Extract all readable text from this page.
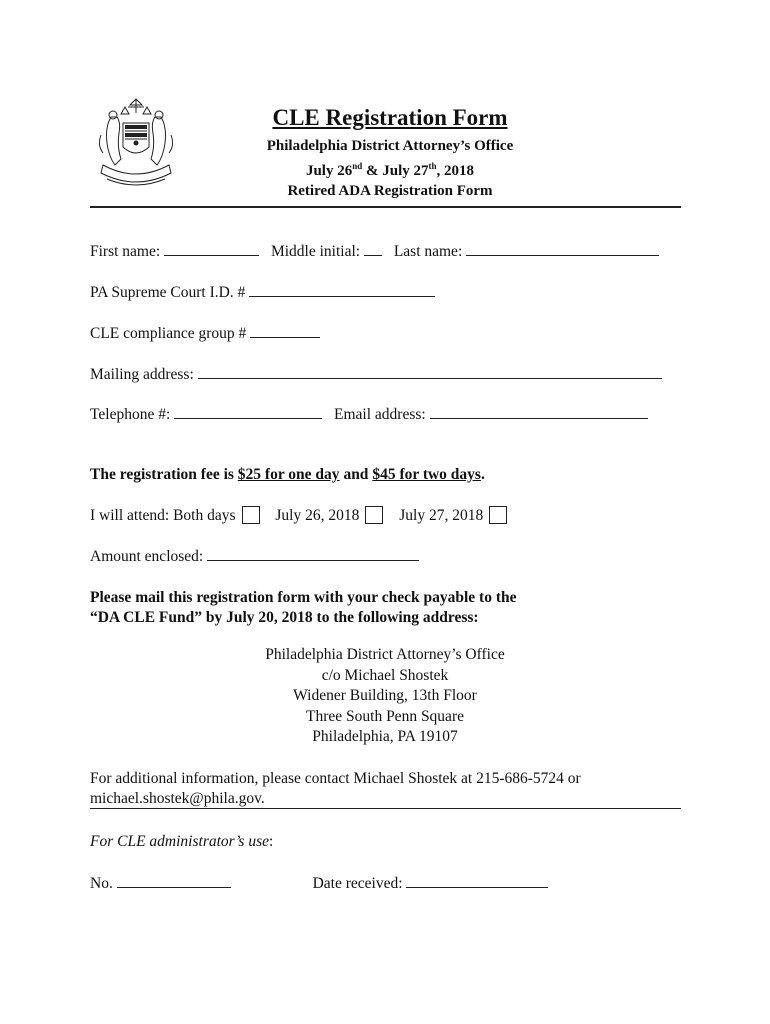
CLE Registration Form
Philadelphia District Attorney’s Office
July 26nd & July 27th, 2018
Retired ADA Registration Form
First name:	Middle initial: Last name:
PA Supreme Court I.D. #
CLE compliance group #
Mailing address:
Telephone #:	Email address:
The registration fee is $25 for one day and $45 for two days.
I will attend: Both days	July 26, 2018	July 27, 2018
Amount enclosed:
Please mail this registration form with your check payable to the
“DA CLE Fund” by July 20, 2018 to the following address:
Philadelphia District Attorney’s Office
c/o Michael Shostek
Widener Building, 13th Floor
Three South Penn Square
Philadelphia, PA 19107
For additional information, please contact Michael Shostek at 215-686-5724 or
michael.shostek@phila.gov.
For CLE administrator’s use:
No.	Date received:
